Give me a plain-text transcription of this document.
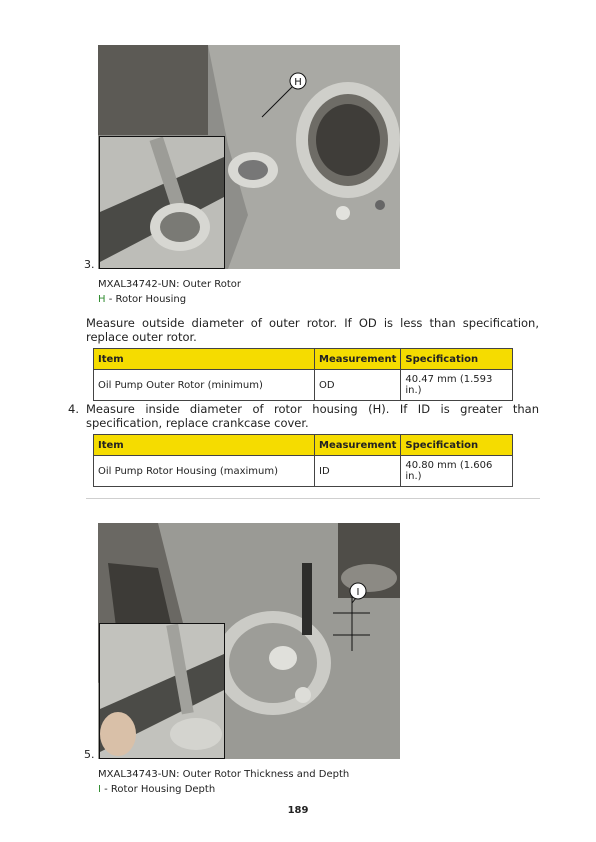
H
3.
MXAL34742-UN: Outer Rotor
H - Rotor Housing
Measure outside diameter of outer rotor. If OD is less than specification, replace outer rotor.
Item	Measurement	Specification
Oil Pump Outer Rotor (minimum)	OD	40.47 mm (1.593 in.)
4. Measure inside diameter of rotor housing (H). If ID is greater than specification, replace crankcase cover.
Item	Measurement	Specification
Oil Pump Rotor Housing (maximum)	ID	40.80 mm (1.606 in.)
I
5.
MXAL34743-UN: Outer Rotor Thickness and Depth
I - Rotor Housing Depth
189
